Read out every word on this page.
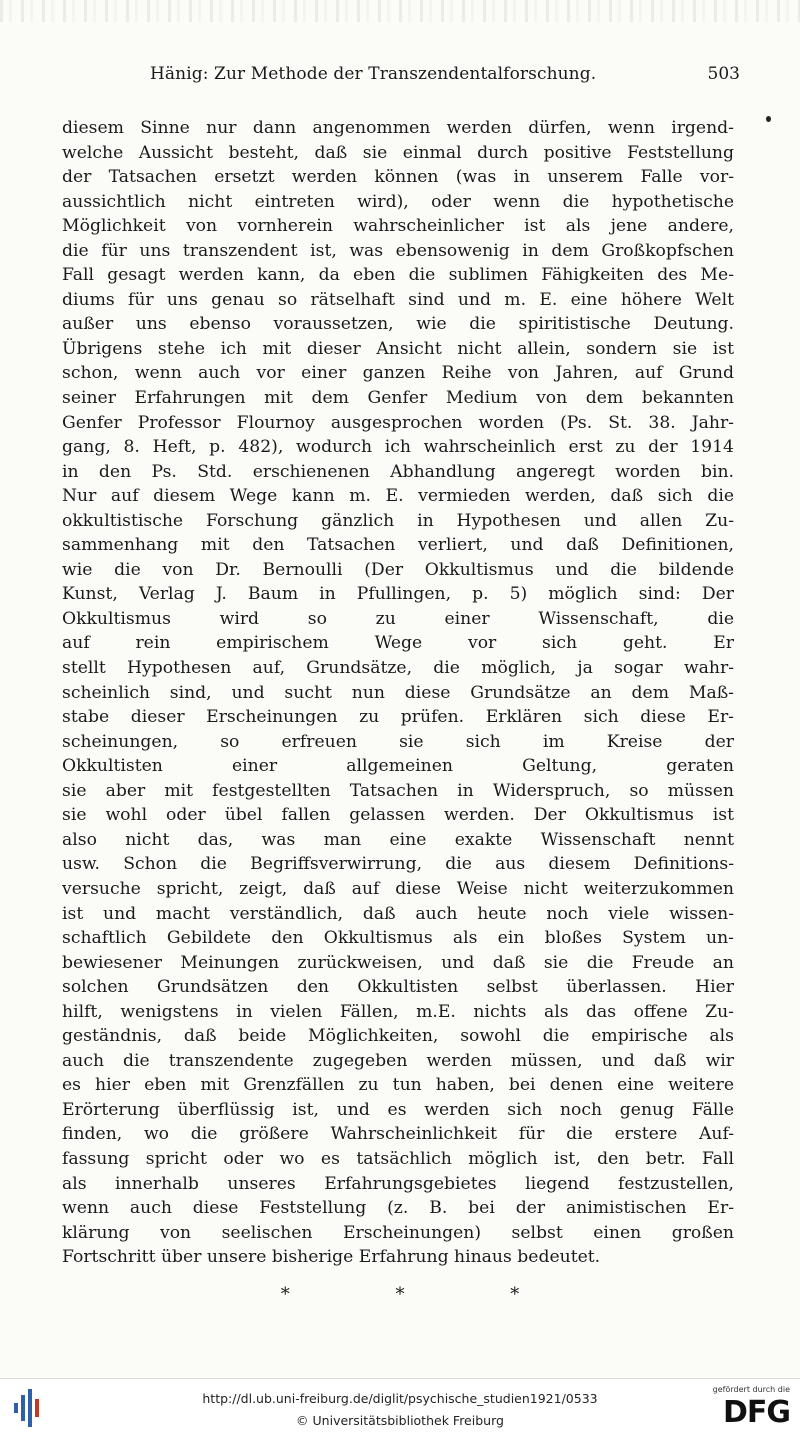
Hänig: Zur Methode der Transzendentalforschung.	503
diesem Sinne nur dann angenommen werden dürfen, wenn irgend-
welche Aussicht besteht, daß sie einmal durch positive Feststellung
der Tatsachen ersetzt werden können (was in unserem Falle vor-
aussichtlich nicht eintreten wird), oder wenn die hypothetische
Möglichkeit von vornherein wahrscheinlicher ist als jene andere,
die für uns transzendent ist, was ebensowenig in dem Großkopfschen
Fall gesagt werden kann, da eben die sublimen Fähigkeiten des Me-
diums für uns genau so rätselhaft sind und m. E. eine höhere Welt
außer uns ebenso voraussetzen, wie die spiritistische Deutung.
Übrigens stehe ich mit dieser Ansicht nicht allein, sondern sie ist
schon, wenn auch vor einer ganzen Reihe von Jahren, auf Grund
seiner Erfahrungen mit dem Genfer Medium von dem bekannten
Genfer Professor Flournoy ausgesprochen worden (Ps. St. 38. Jahr-
gang, 8. Heft, p. 482), wodurch ich wahrscheinlich erst zu der 1914
in den Ps. Std. erschienenen Abhandlung angeregt worden bin.
Nur auf diesem Wege kann m. E. vermieden werden, daß sich die
okkultistische Forschung gänzlich in Hypothesen und allen Zu-
sammenhang mit den Tatsachen verliert, und daß Definitionen,
wie die von Dr. Bernoulli (Der Okkultismus und die bildende
Kunst, Verlag J. Baum in Pfullingen, p. 5) möglich sind: Der
Okkultismus wird so zu einer Wissenschaft, die
auf rein empirischem Wege vor sich geht. Er
stellt Hypothesen auf, Grundsätze, die möglich, ja sogar wahr-
scheinlich sind, und sucht nun diese Grundsätze an dem Maß-
stabe dieser Erscheinungen zu prüfen. Erklären sich diese Er-
scheinungen, so erfreuen sie sich im Kreise der
Okkultisten einer allgemeinen Geltung, geraten
sie aber mit festgestellten Tatsachen in Widerspruch, so müssen
sie wohl oder übel fallen gelassen werden. Der Okkultismus ist
also nicht das, was man eine exakte Wissenschaft nennt
usw. Schon die Begriffsverwirrung, die aus diesem Definitions-
versuche spricht, zeigt, daß auf diese Weise nicht weiterzukommen
ist und macht verständlich, daß auch heute noch viele wissen-
schaftlich Gebildete den Okkultismus als ein bloßes System un-
bewiesener Meinungen zurückweisen, und daß sie die Freude an
solchen Grundsätzen den Okkultisten selbst überlassen. Hier
hilft, wenigstens in vielen Fällen, m.E. nichts als das offene Zu-
geständnis, daß beide Möglichkeiten, sowohl die empirische als
auch die transzendente zugegeben werden müssen, und daß wir
es hier eben mit Grenzfällen zu tun haben, bei denen eine weitere
Erörterung überflüssig ist, und es werden sich noch genug Fälle
finden, wo die größere Wahrscheinlichkeit für die erstere Auf-
fassung spricht oder wo es tatsächlich möglich ist, den betr. Fall
als innerhalb unseres Erfahrungsgebietes liegend festzustellen,
wenn auch diese Feststellung (z. B. bei der animistischen Er-
klärung von seelischen Erscheinungen) selbst einen großen
Fortschritt über unsere bisherige Erfahrung hinaus bedeutet.
* * *
http://dl.ub.uni-freiburg.de/diglit/psychische_studien1921/0533
© Universitätsbibliothek Freiburg
gefördert durch die
DFG
